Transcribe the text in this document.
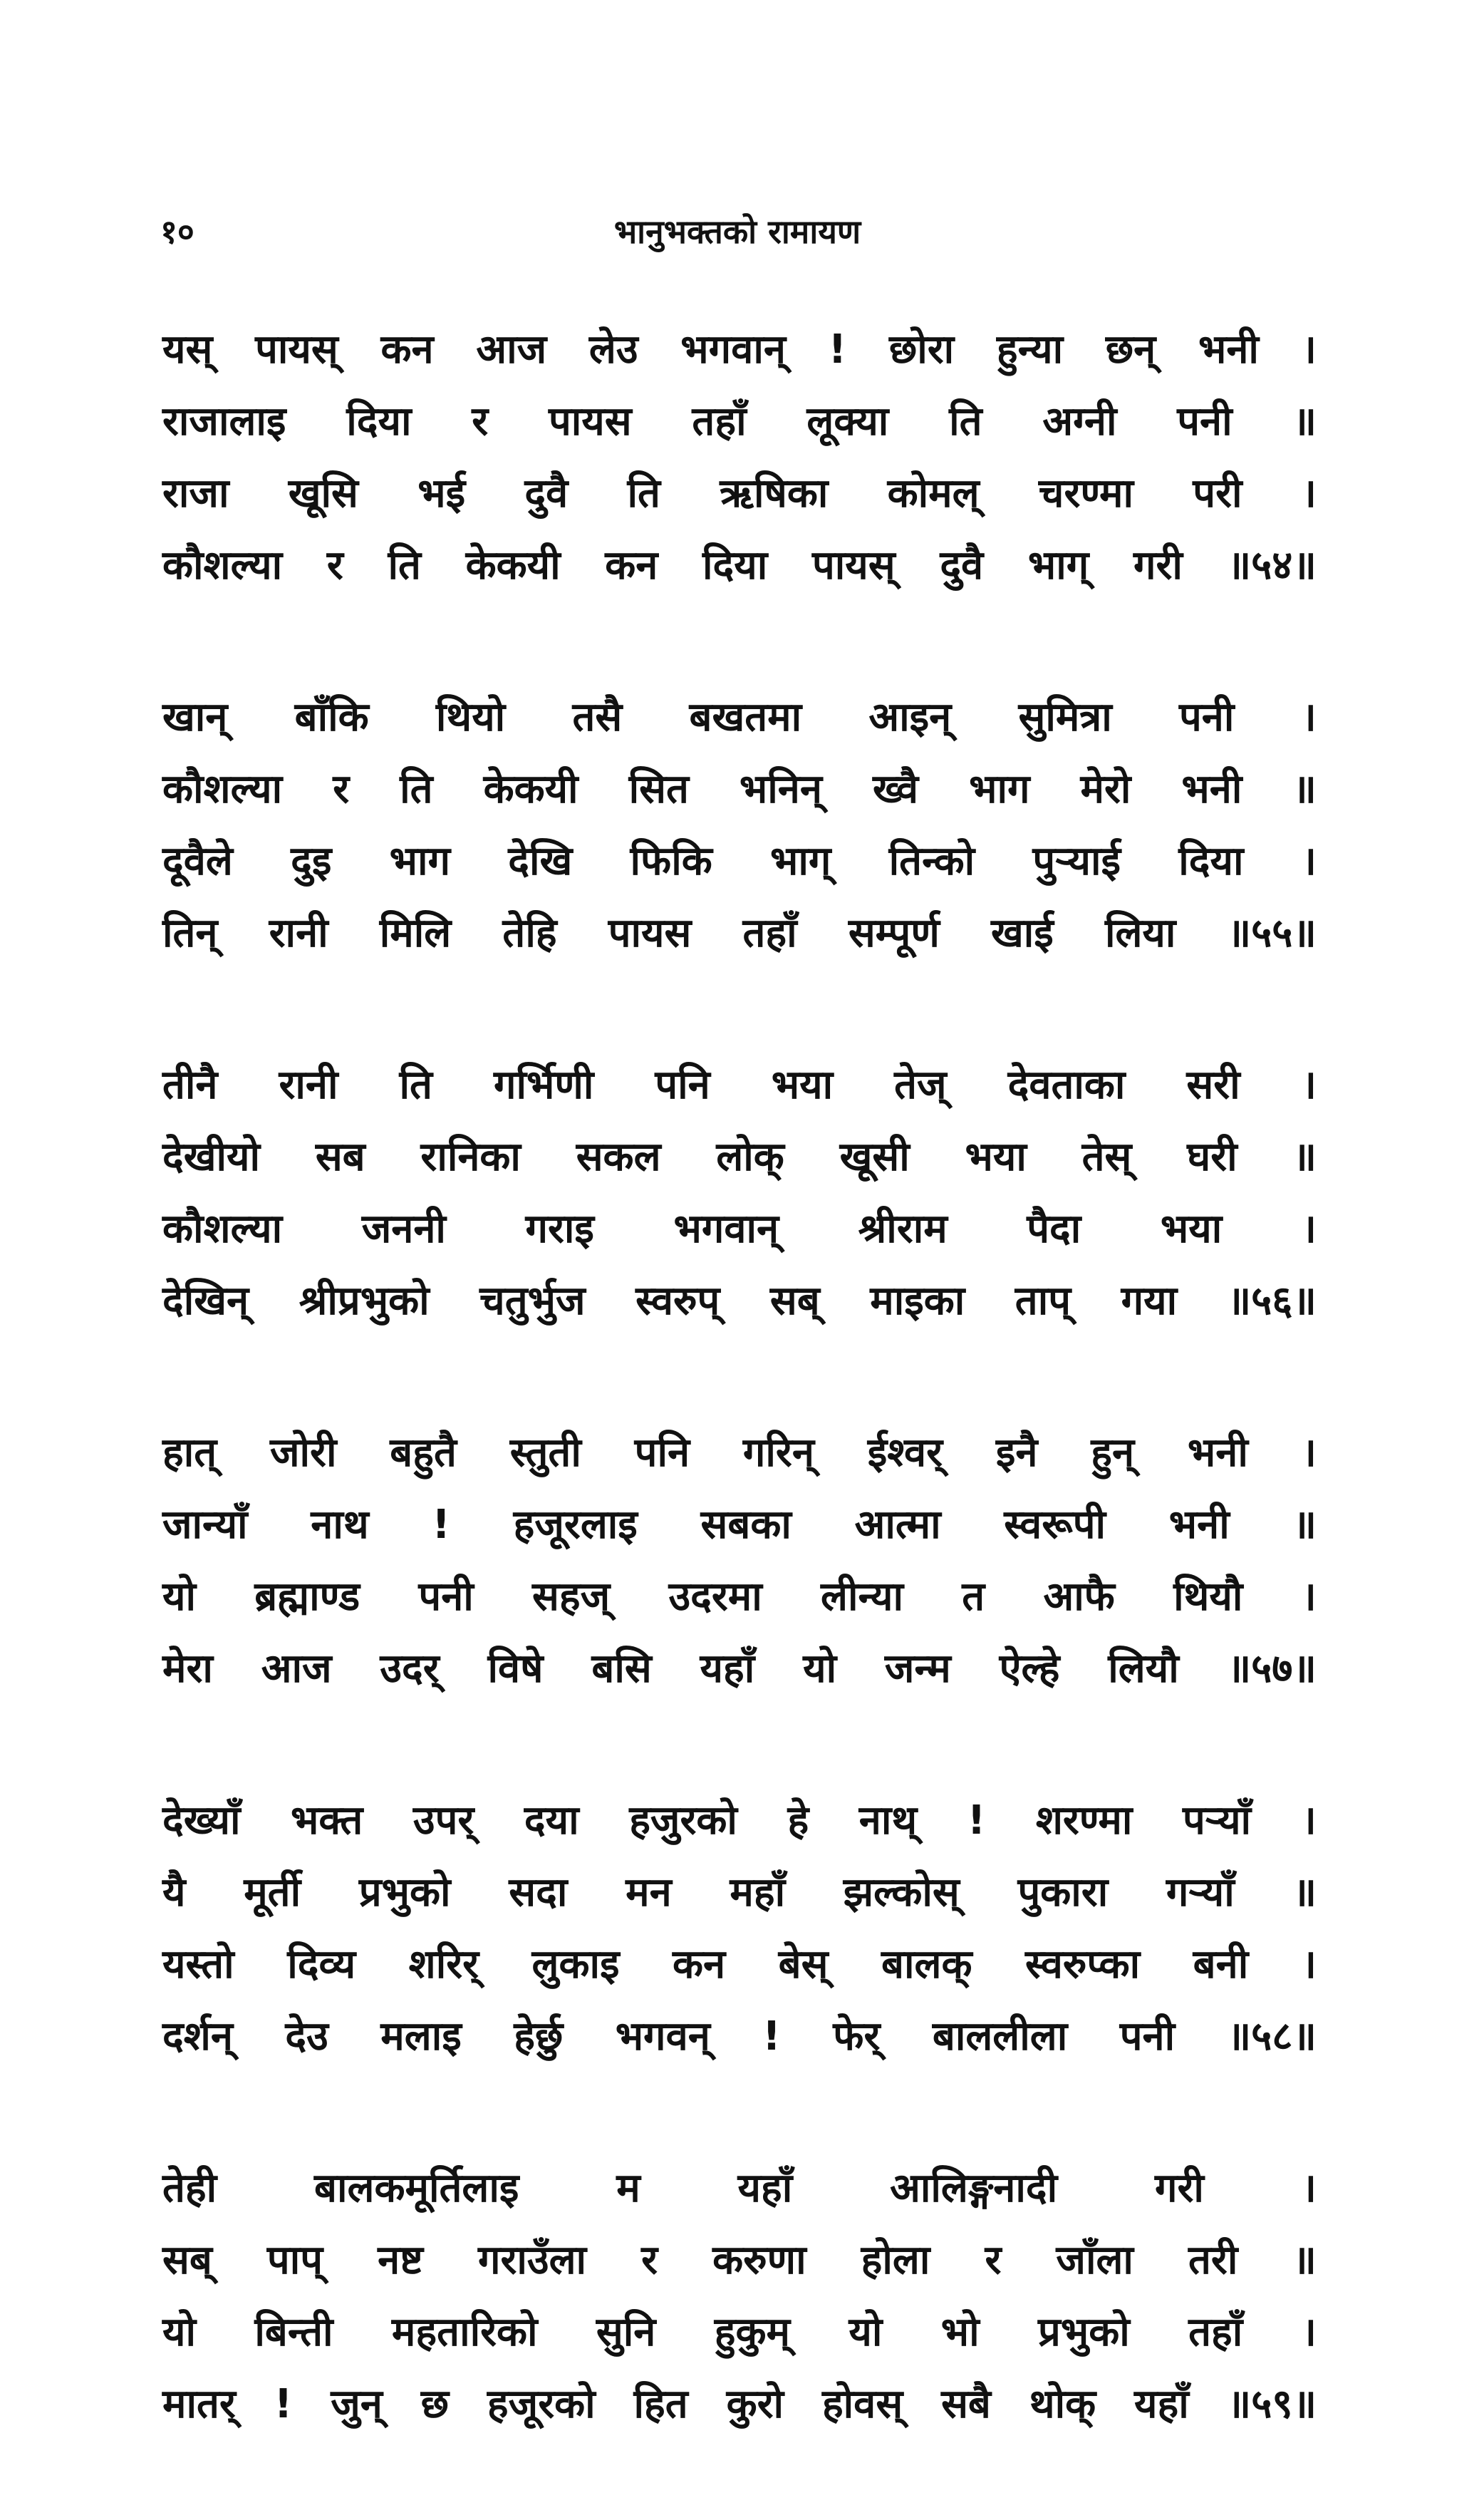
१०	भानुभक्तको रामायण
यस् पायस् कन आज लेउ भगवान् ! छोरा हुन्या छन् भनी ।
राजालाइ दिया र पायस तहाँ लूक्या ति अग्नी पनी ॥
राजा खूसि भई दुवै ति ऋषिका कोमल् चरण्मा परी ।
कौशल्या र ति केकयी कन दिया पायस् दुवै भाग् गरी ॥५४॥
खान् बाँकि थियो तसै बखतमा आइन् सुमित्रा पनी ।
कौशल्या र ति केकयी सित भनिन् ख्वै भाग मेरो भनी ॥
दूवैले दुइ भाग देखि फिकि भाग् तिन्को पुऱ्याई दिया ।
तिन् रानी मिलि तेहि पायस तहाँ सम्पूर्ण खाई लिया ॥५५॥
तीनै रानी ति गर्भिणी पनि भया तेज् देवताका सरी ।
देखीयो सब रानिका सकल लोक् खूसी भया तेस् घरी ॥
कौशल्या जननी गराइ भगवान् श्रीराम पैदा भया ।
देखिन् श्रीप्रभुको चतुर्भुज स्वरुप् सब् माइका ताप् गया ॥५६॥
हात् जोरी बहुतै स्तुती पनि गरिन् ईश्वर् इनै हुन् भनी ।
जान्याँ नाथ ! हजूरलाइ सबका आत्मा स्वरूपी भनी ॥
यो ब्रह्माण्ड पनी सहज् उदरमा लीन्या त आफै थियौ ।
मेरा आज उदर् विषे बसि यहाँ यो जन्म ऐल्हे लियौ ॥५७॥
देख्याँ भक्त उपर् दया हजुरको हे नाथ् ! शरण्मा पऱ्याँ ।
यै मूर्ती प्रभुको सदा मन महाँ झल्कोस् पुकारा गऱ्याँ ॥
यस्तो दिव्य शरिर् लुकाइ कन बेस् बालक् स्वरुप्का बनी ।
दर्शन् देउ मलाइ हेर्छु भगवन् ! फेर् बाललीला पनी ॥५८॥
तेही बालकमूर्तिलाइ म यहाँ आलिङ्गनादी गरी ।
सब् पाप् नष्ट गराउँला र करुणा होला र जाँला तरी ॥
यो बिन्ती महतारिको सुनि हुकुम् यो भो प्रभुको तहाँ ।
मातर् ! जुन् छ हजूरको हित कुरो होवस् सबै थोक् यहाँ ॥५९॥
